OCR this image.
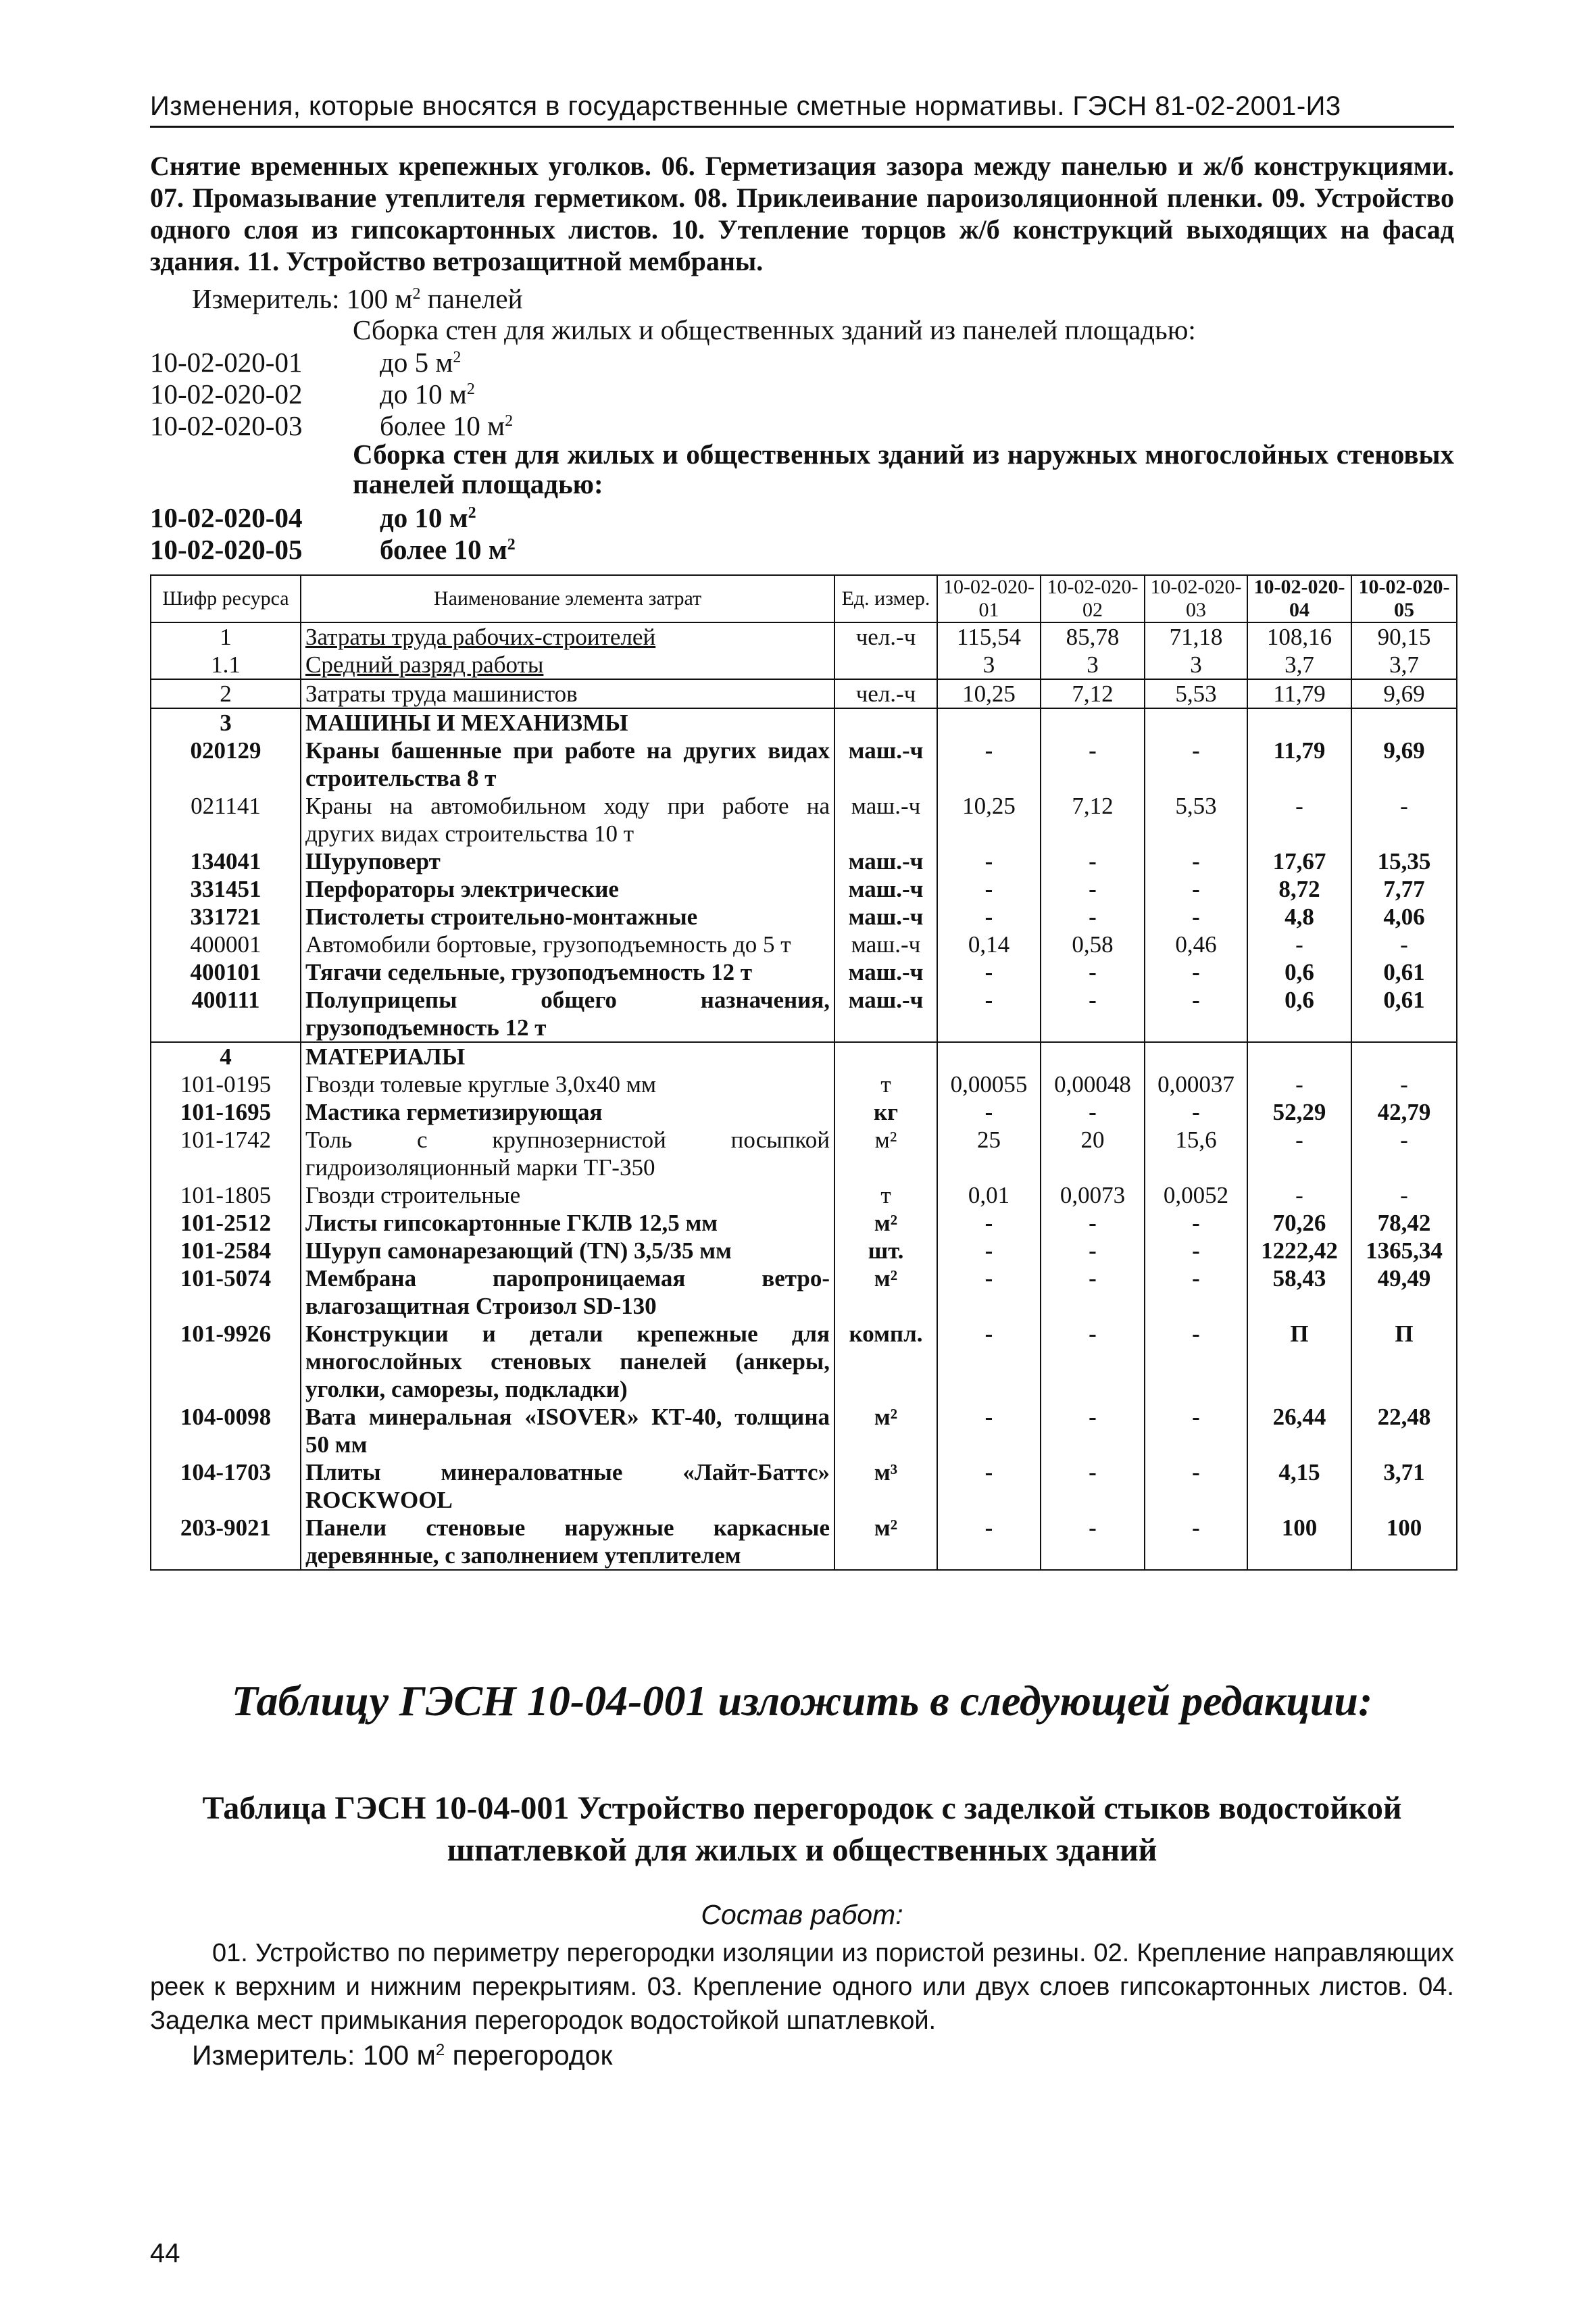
Изменения, которые вносятся в государственные сметные нормативы. ГЭСН 81-02-2001-И3
Снятие временных крепежных уголков. 06. Герметизация зазора между панелью и ж/б конструкциями. 07. Промазывание утеплителя герметиком. 08. Приклеивание пароизоляционной пленки. 09. Устройство одного слоя из гипсокартонных листов. 10. Утепление торцов ж/б конструкций выходящих на фасад здания. 11. Устройство ветрозащитной мембраны.
Измеритель: 100 $м^2$ панелей
Сборка стен для жилых и общественных зданий из панелей площадью:
10-02-020-01	до 5 $м^2$
10-02-020-02	до 10 $м^2$
10-02-020-03	более 10 $м^2$
Сборка стен для жилых и общественных зданий из наружных многослойных стеновых панелей площадью:
10-02-020-04	до 10 $м^2$
10-02-020-05	более 10 $м^2$
Шифр ресурса	Наименование элемента затрат	Ед. измер.	10-02-020-01	10-02-020-02	10-02-020-03	10-02-020-04	10-02-020-05
1	Затраты труда рабочих-строителей	чел.-ч	115,54	85,78	71,18	108,16	90,15
1.1	Средний разряд работы		3	3	3	3,7	3,7
2	Затраты труда машинистов	чел.-ч	10,25	7,12	5,53	11,79	9,69
3	МАШИНЫ И МЕХАНИЗМЫ						
020129	Краны башенные при работе на других видах строительства 8 т	маш.-ч	-	-	-	11,79	9,69
021141	Краны на автомобильном ходу при работе на других видах строительства 10 т	маш.-ч	10,25	7,12	5,53	-	-
134041	Шуруповерт	маш.-ч	-	-	-	17,67	15,35
331451	Перфораторы электрические	маш.-ч	-	-	-	8,72	7,77
331721	Пистолеты строительно-монтажные	маш.-ч	-	-	-	4,8	4,06
400001	Автомобили бортовые, грузоподъемность до 5 т	маш.-ч	0,14	0,58	0,46	-	-
400101	Тягачи седельные, грузоподъемность 12 т	маш.-ч	-	-	-	0,6	0,61
400111	Полуприцепы общего назначения, грузоподъемность 12 т	маш.-ч	-	-	-	0,6	0,61
4	МАТЕРИАЛЫ						
101-0195	Гвозди толевые круглые 3,0х40 мм	т	0,00055	0,00048	0,00037	-	-
101-1695	Мастика герметизирующая	кг	-	-	-	52,29	42,79
101-1742	Толь с крупнозернистой посыпкой гидроизоляционный марки ТГ-350	м²	25	20	15,6	-	-
101-1805	Гвозди строительные	т	0,01	0,0073	0,0052	-	-
101-2512	Листы гипсокартонные ГКЛВ 12,5 мм	м²	-	-	-	70,26	78,42
101-2584	Шуруп самонарезающий (TN) 3,5/35 мм	шт.	-	-	-	1222,42	1365,34
101-5074	Мембрана паропроницаемая ветро-влагозащитная Строизол SD-130	м²	-	-	-	58,43	49,49
101-9926	Конструкции и детали крепежные для многослойных стеновых панелей (анкеры, уголки, саморезы, подкладки)	компл.	-	-	-	П	П
104-0098	Вата минеральная «ISOVER» КТ-40, толщина 50 мм	м²	-	-	-	26,44	22,48
104-1703	Плиты минераловатные «Лайт-Баттс» ROCKWOOL	м³	-	-	-	4,15	3,71
203-9021	Панели стеновые наружные каркасные деревянные, с заполнением утеплителем	м²	-	-	-	100	100
Таблицу ГЭСН 10-04-001 изложить в следующей редакции:
Таблица ГЭСН 10-04-001 Устройство перегородок с заделкой стыков водостойкой шпатлевкой для жилых и общественных зданий
Состав работ:
01. Устройство по периметру перегородки изоляции из пористой резины. 02. Крепление направляющих реек к верхним и нижним перекрытиям. 03. Крепление одного или двух слоев гипсокартонных листов. 04. Заделка мест примыкания перегородок водостойкой шпатлевкой.
Измеритель: 100 $м^2$ перегородок
44
